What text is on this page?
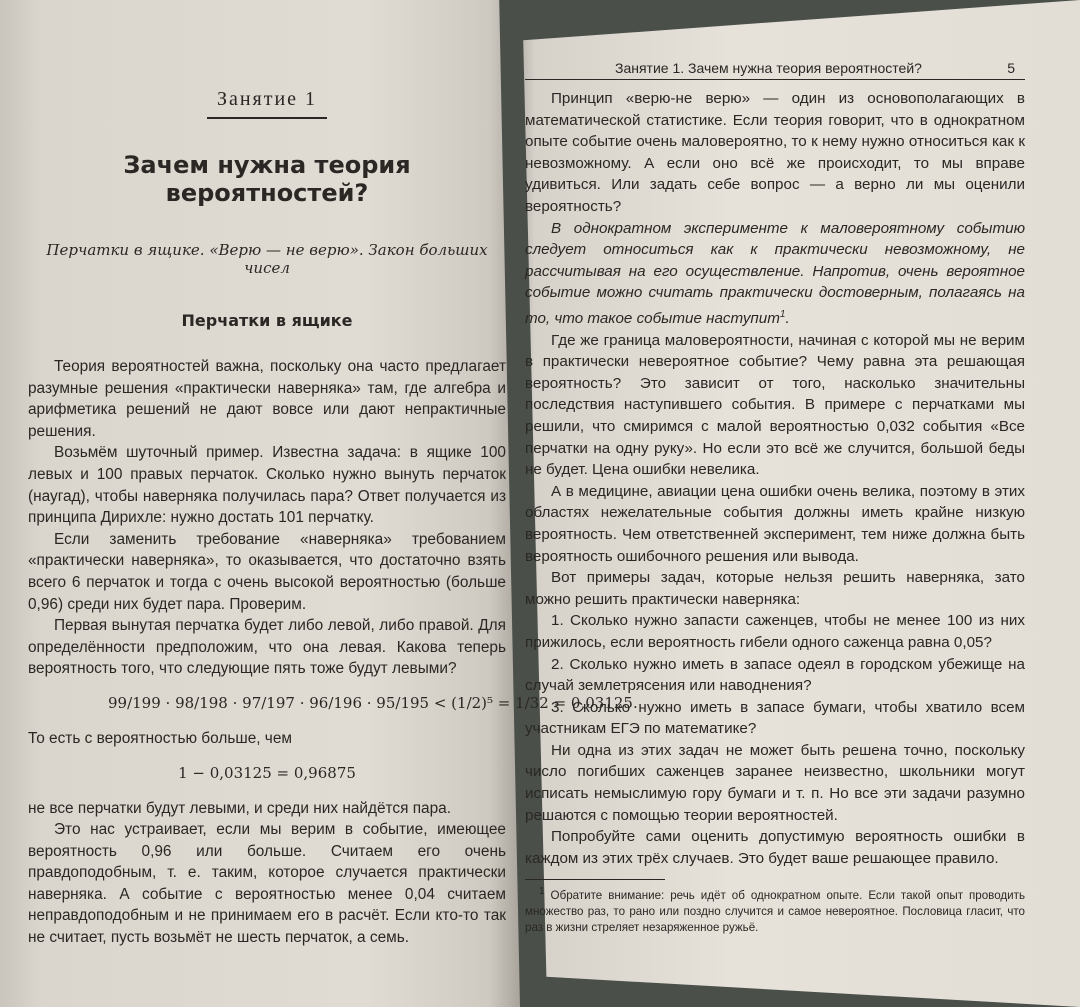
Занятие 1
Зачем нужна теория вероятностей?
Перчатки в ящике. «Верю — не верю». Закон больших чисел
Перчатки в ящике

Теория вероятностей важна, поскольку она часто предлагает разумные решения «практически наверняка» там, где алгебра и арифметика решений не дают вовсе или дают непрактичные решения.

Возьмём шуточный пример. Известна задача: в ящике 100 левых и 100 правых перчаток. Сколько нужно вынуть перчаток (наугад), чтобы наверняка получилась пара? Ответ получается из принципа Дирихле: нужно достать 101 перчатку.

Если заменить требование «наверняка» требованием «практически наверняка», то оказывается, что достаточно взять всего 6 перчаток и тогда с очень высокой вероятностью (больше 0,96) среди них будет пара. Проверим.

Первая вынутая перчатка будет либо левой, либо правой. Для определённости предположим, что она левая. Какова теперь вероятность того, что следующие пять тоже будут левыми?

99/199 · 98/198 · 97/197 · 96/196 · 95/195 < (1/2)⁵ = 1/32 = 0,03125.

То есть с вероятностью больше, чем

1 − 0,03125 = 0,96875

не все перчатки будут левыми, и среди них найдётся пара.

Это нас устраивает, если мы верим в событие, имеющее вероятность 0,96 или больше. Считаем его очень правдоподобным, т. е. таким, которое случается практически наверняка. А событие с вероятностью менее 0,04 считаем неправдоподобным и не принимаем его в расчёт. Если кто-то так не считает, пусть возьмёт не шесть перчаток, а семь.

Занятие 1. Зачем нужна теория вероятностей?	5

Принцип «верю-не верю» — один из основополагающих в математической статистике. Если теория говорит, что в однократном опыте событие очень маловероятно, то к нему нужно относиться как к невозможному. А если оно всё же происходит, то мы вправе удивиться. Или задать себе вопрос — а верно ли мы оценили вероятность?

В однократном эксперименте к маловероятному событию следует относиться как к практически невозможному, не рассчитывая на его осуществление. Напротив, очень вероятное событие можно считать практически достоверным, полагаясь на то, что такое событие наступит$^1$.

Где же граница маловероятности, начиная с которой мы не верим в практически невероятное событие? Чему равна эта решающая вероятность? Это зависит от того, насколько значительны последствия наступившего события. В примере с перчатками мы решили, что смиримся с малой вероятностью 0,032 события «Все перчатки на одну руку». Но если это всё же случится, большой беды не будет. Цена ошибки невелика.

А в медицине, авиации цена ошибки очень велика, поэтому в этих областях нежелательные события должны иметь крайне низкую вероятность. Чем ответственней эксперимент, тем ниже должна быть вероятность ошибочного решения или вывода.

Вот примеры задач, которые нельзя решить наверняка, зато можно решить практически наверняка:

1. Сколько нужно запасти саженцев, чтобы не менее 100 из них прижилось, если вероятность гибели одного саженца равна 0,05?

2. Сколько нужно иметь в запасе одеял в городском убежище на случай землетрясения или наводнения?

3. Сколько нужно иметь в запасе бумаги, чтобы хватило всем участникам ЕГЭ по математике?

Ни одна из этих задач не может быть решена точно, поскольку число погибших саженцев заранее неизвестно, школьники могут исписать немыслимую гору бумаги и т. п. Но все эти задачи разумно решаются с помощью теории вероятностей.

Попробуйте сами оценить допустимую вероятность ошибки в каждом из этих трёх случаев. Это будет ваше решающее правило.

$^1$ Обратите внимание: речь идёт об однократном опыте. Если такой опыт проводить множество раз, то рано или поздно случится и самое невероятное. Пословица гласит, что раз в жизни стреляет незаряженное ружьё.
